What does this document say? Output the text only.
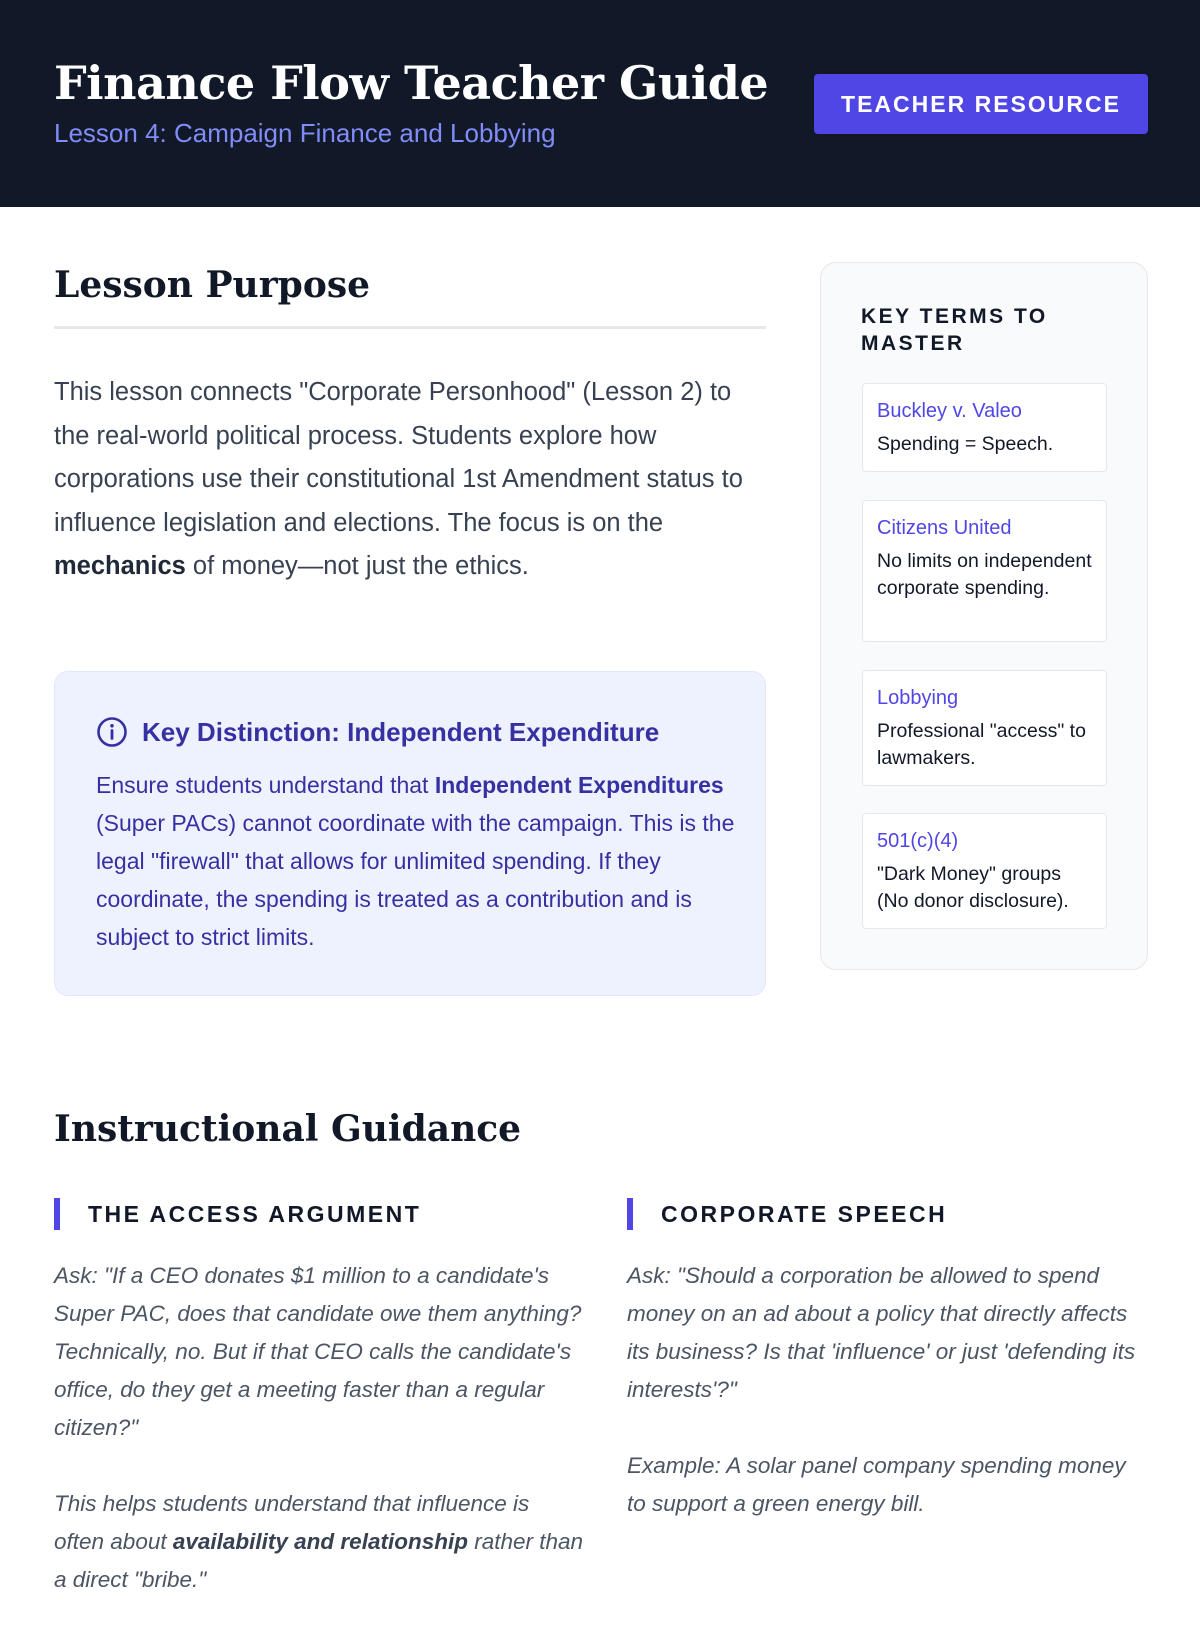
Finance Flow Teacher Guide
Lesson 4: Campaign Finance and Lobbying
TEACHER RESOURCE
Lesson Purpose

This lesson connects "Corporate Personhood" (Lesson 2) to the real-world political process. Students explore how corporations use their constitutional 1st Amendment status to influence legislation and elections. The focus is on the mechanics of money—not just the ethics.

Key Distinction: Independent Expenditure

Ensure students understand that Independent Expenditures (Super PACs) cannot coordinate with the campaign. This is the legal "firewall" that allows for unlimited spending. If they coordinate, the spending is treated as a contribution and is subject to strict limits.

KEY TERMS TO MASTER
Buckley v. Valeo
Spending = Speech.
Citizens United
No limits on independent corporate spending.
Lobbying
Professional "access" to lawmakers.
501(c)(4)
"Dark Money" groups (No donor disclosure).
Instructional Guidance
THE ACCESS ARGUMENT

Ask: "If a CEO donates $1 million to a candidate's Super PAC, does that candidate owe them anything? Technically, no. But if that CEO calls the candidate's office, do they get a meeting faster than a regular citizen?"

This helps students understand that influence is often about availability and relationship rather than a direct "bribe."

CORPORATE SPEECH

Ask: "Should a corporation be allowed to spend money on an ad about a policy that directly affects its business? Is that 'influence' or just 'defending its interests'?"

Example: A solar panel company spending money to support a green energy bill.
